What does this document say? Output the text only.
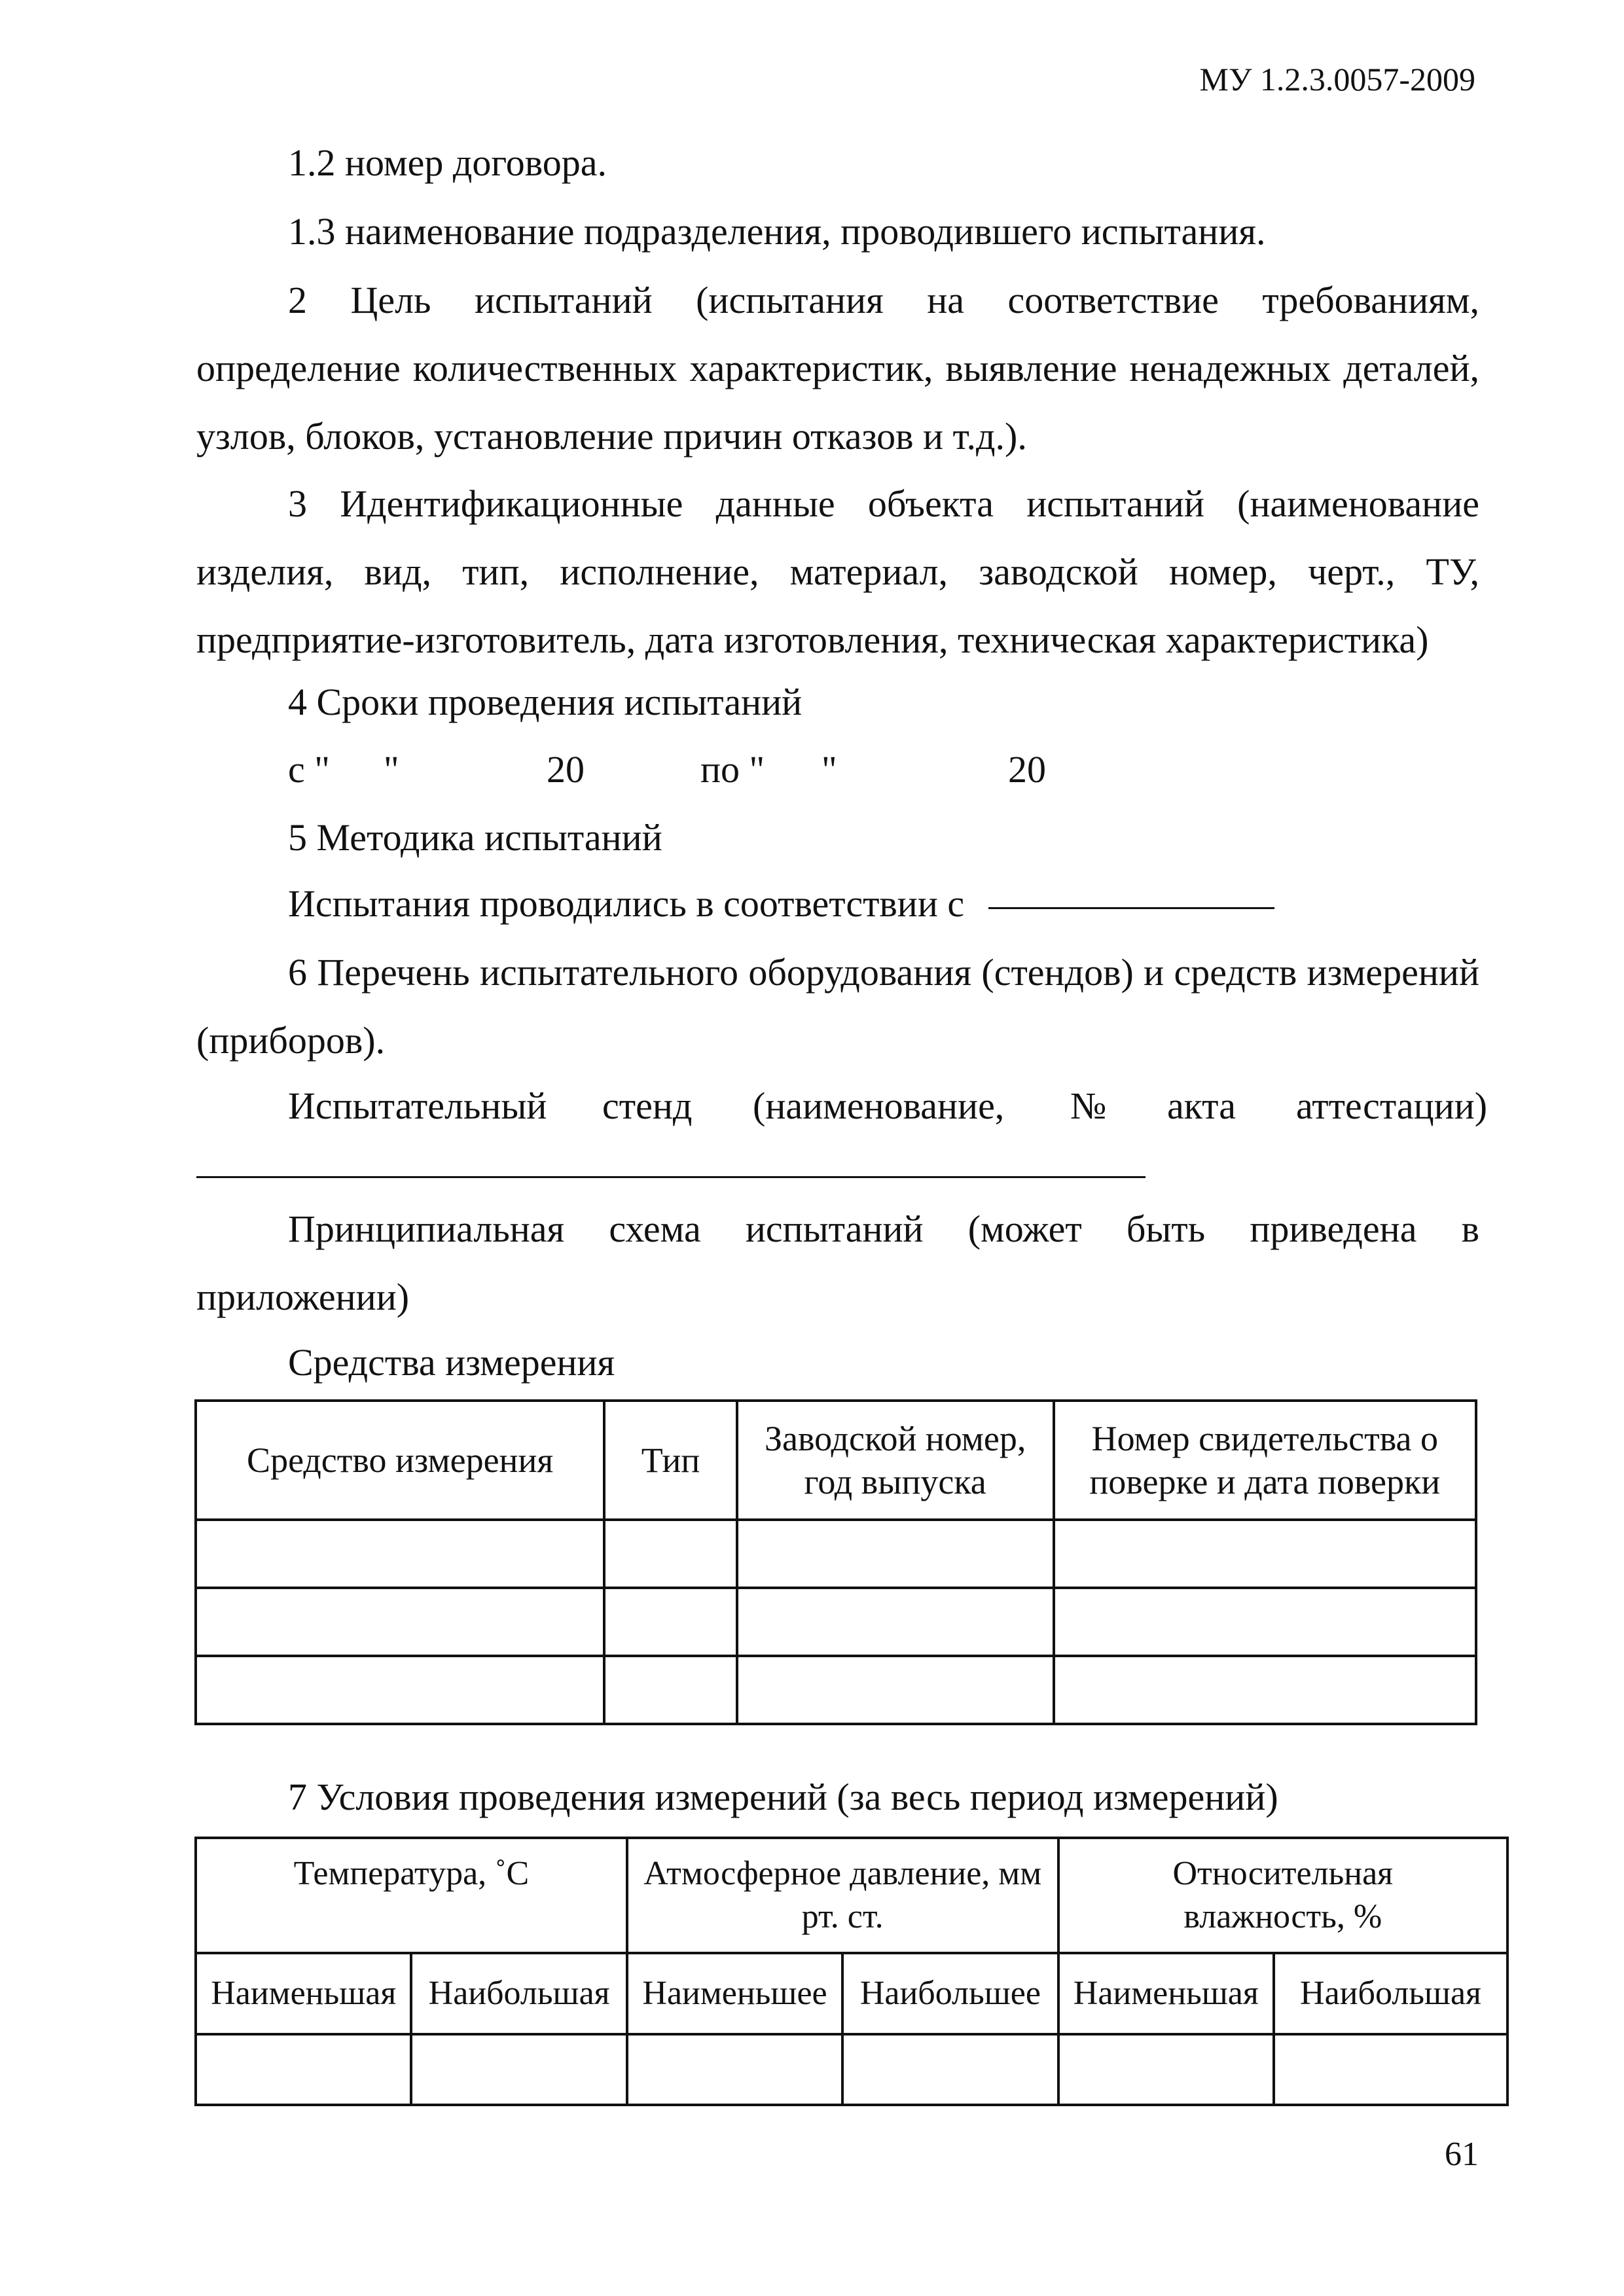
МУ 1.2.3.0057-2009
1.2 номер договора.
1.3 наименование подразделения, проводившего испытания.
2 Цель испытаний (испытания на соответствие требованиям, определение количественных характеристик, выявление ненадежных деталей, узлов, блоков, установление причин отказов и т.д.).
3 Идентификационные данные объекта испытаний (наименование изделия, вид, тип, исполнение, материал, заводской номер, черт., ТУ, предприятие-изготовитель, дата изготовления, техническая характеристика)
4 Сроки проведения испытаний
с " "	20	по " "	20
5 Методика испытаний
Испытания проводились в соответствии с
6 Перечень испытательного оборудования (стендов) и средств измерений (приборов).
Испытательный стенд (наименование, № акта аттестации)
Принципиальная схема испытаний (может быть приведена в приложении)
Средства измерения
Средство измерения	Тип	Заводской номер, год выпуска	Номер свидетельства о поверке и дата поверки

7 Условия проведения измерений (за весь период измерений)
Температура, ˚С		Атмосферное давление, мм рт. ст.		Относительная влажность, %	
Наименьшая	Наибольшая	Наименьшее	Наибольшее	Наименьшая	Наибольшая

61
